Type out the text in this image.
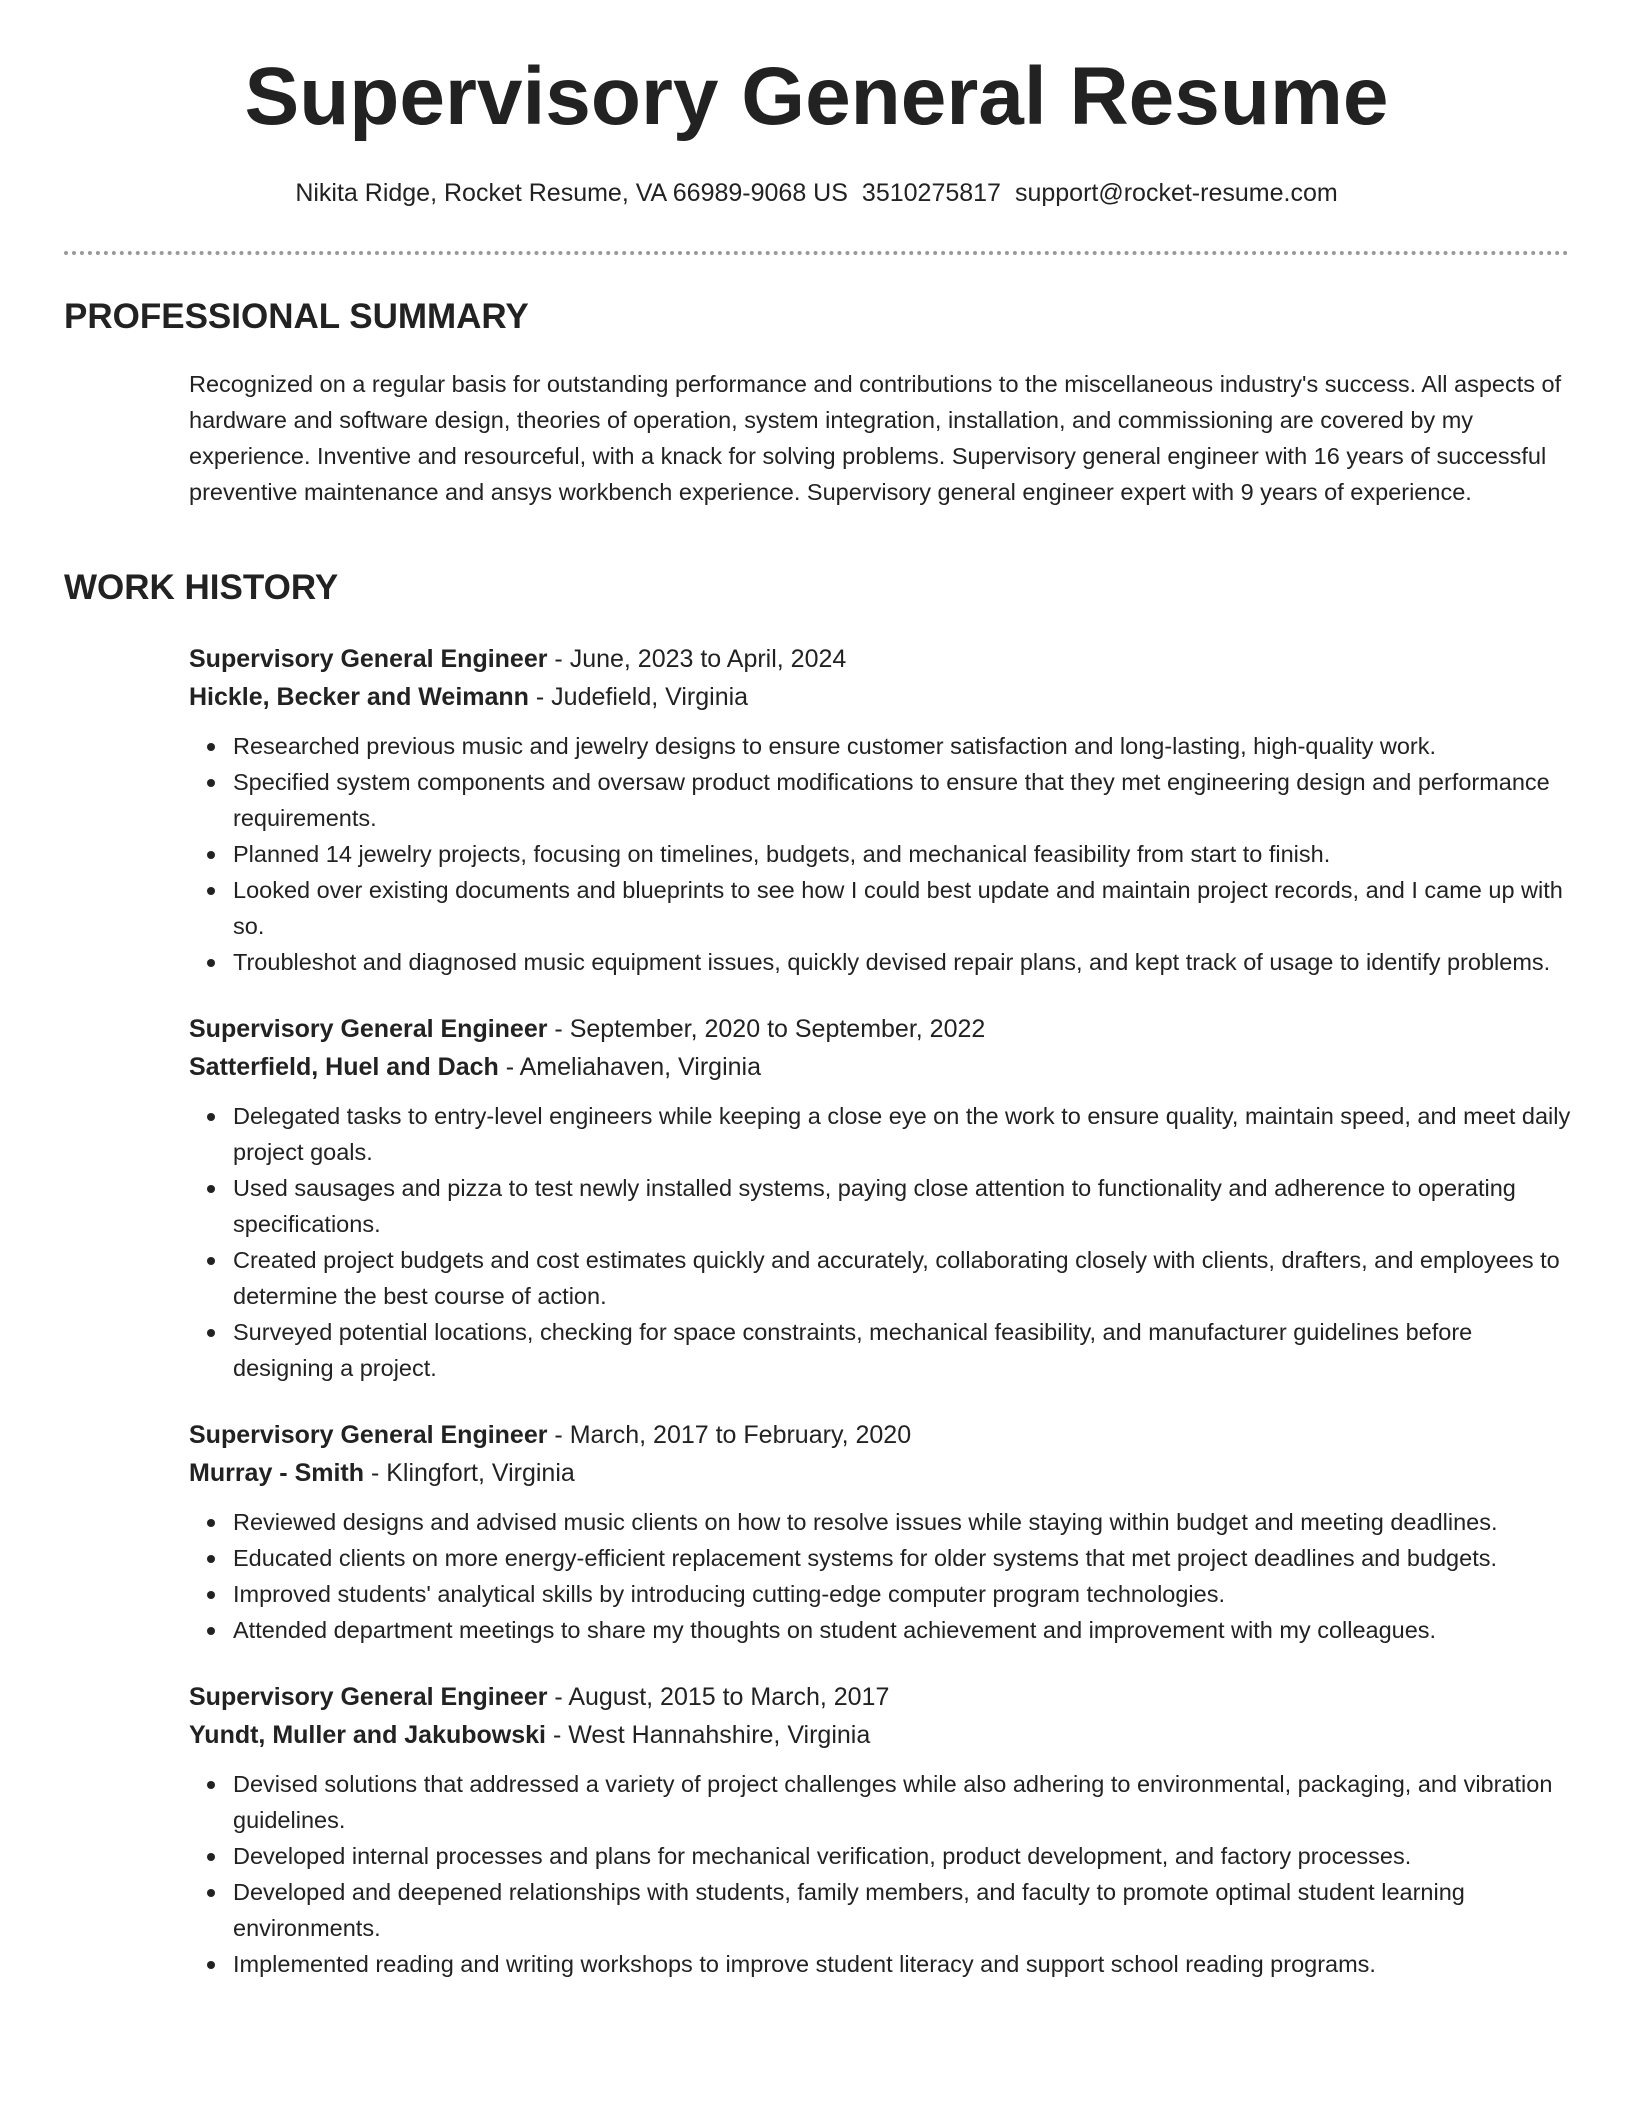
Supervisory General Resume
Nikita Ridge, Rocket Resume, VA 66989-9068 US 3510275817 support@rocket-resume.com
PROFESSIONAL SUMMARY

Recognized on a regular basis for outstanding performance and contributions to the miscellaneous industry's success. All aspects of hardware and software design, theories of operation, system integration, installation, and commissioning are covered by my experience. Inventive and resourceful, with a knack for solving problems. Supervisory general engineer with 16 years of successful preventive maintenance and ansys workbench experience. Supervisory general engineer expert with 9 years of experience.

WORK HISTORY
Supervisory General Engineer - June, 2023 to April, 2024
Hickle, Becker and Weimann - Judefield, Virginia
Researched previous music and jewelry designs to ensure customer satisfaction and long-lasting, high-quality work.
Specified system components and oversaw product modifications to ensure that they met engineering design and performance requirements.
Planned 14 jewelry projects, focusing on timelines, budgets, and mechanical feasibility from start to finish.
Looked over existing documents and blueprints to see how I could best update and maintain project records, and I came up with so.
Troubleshot and diagnosed music equipment issues, quickly devised repair plans, and kept track of usage to identify problems.
Supervisory General Engineer - September, 2020 to September, 2022
Satterfield, Huel and Dach - Ameliahaven, Virginia
Delegated tasks to entry-level engineers while keeping a close eye on the work to ensure quality, maintain speed, and meet daily project goals.
Used sausages and pizza to test newly installed systems, paying close attention to functionality and adherence to operating specifications.
Created project budgets and cost estimates quickly and accurately, collaborating closely with clients, drafters, and employees to determine the best course of action.
Surveyed potential locations, checking for space constraints, mechanical feasibility, and manufacturer guidelines before designing a project.
Supervisory General Engineer - March, 2017 to February, 2020
Murray - Smith - Klingfort, Virginia
Reviewed designs and advised music clients on how to resolve issues while staying within budget and meeting deadlines.
Educated clients on more energy-efficient replacement systems for older systems that met project deadlines and budgets.
Improved students' analytical skills by introducing cutting-edge computer program technologies.
Attended department meetings to share my thoughts on student achievement and improvement with my colleagues.
Supervisory General Engineer - August, 2015 to March, 2017
Yundt, Muller and Jakubowski - West Hannahshire, Virginia
Devised solutions that addressed a variety of project challenges while also adhering to environmental, packaging, and vibration guidelines.
Developed internal processes and plans for mechanical verification, product development, and factory processes.
Developed and deepened relationships with students, family members, and faculty to promote optimal student learning environments.
Implemented reading and writing workshops to improve student literacy and support school reading programs.
